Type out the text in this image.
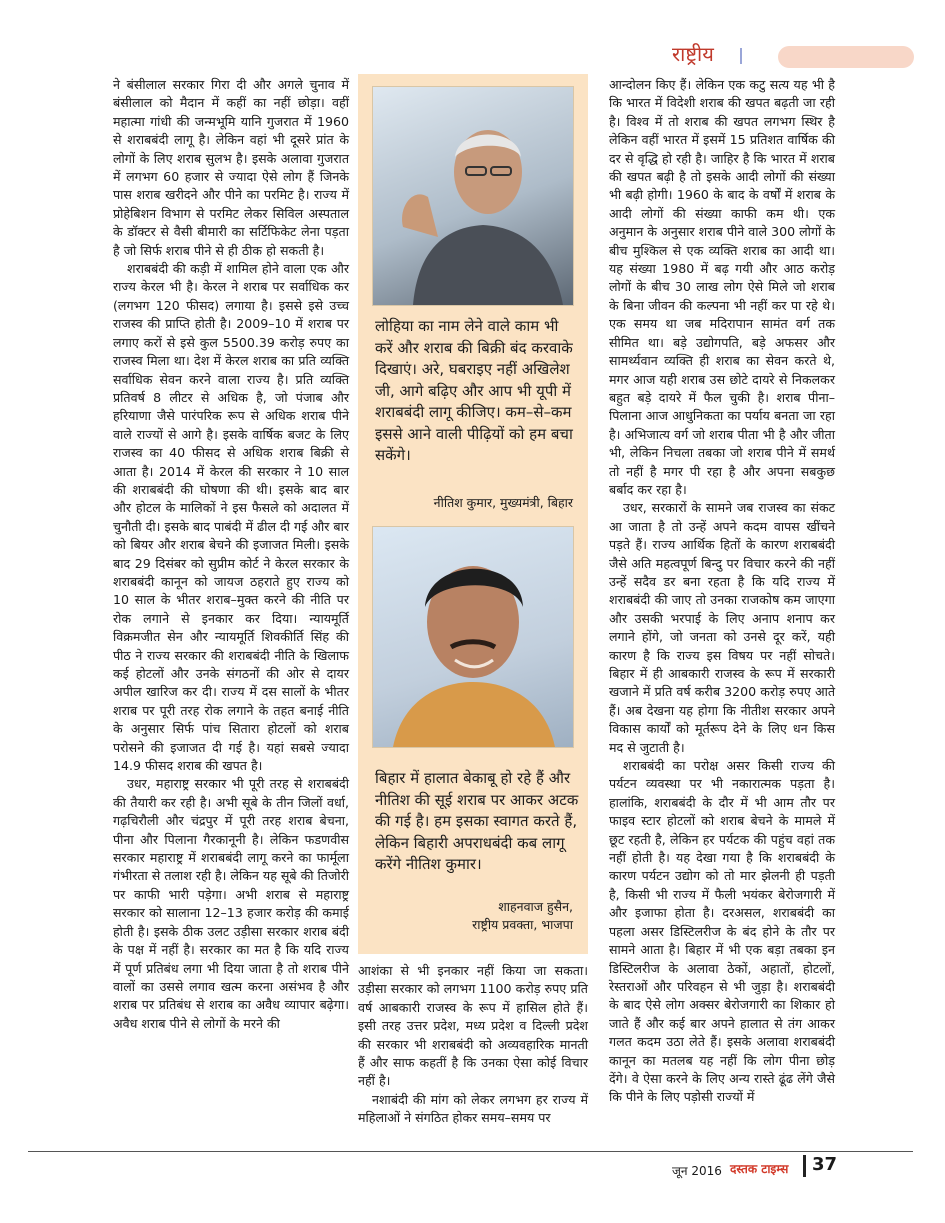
राष्ट्रीय

ने बंसीलाल सरकार गिरा दी और अगले चुनाव में बंसीलाल को मैदान में कहीं का नहीं छोड़ा। वहीं महात्मा गांधी की जन्मभूमि यानि गुजरात में 1960 से शराबबंदी लागू है। लेकिन वहां भी दूसरे प्रांत के लोगों के लिए शराब सुलभ है। इसके अलावा गुजरात में लगभग 60 हजार से ज्यादा ऐसे लोग हैं जिनके पास शराब खरीदने और पीने का परमिट है। राज्य में प्रोहेबिशन विभाग से परमिट लेकर सिविल अस्पताल के डॉक्टर से वैसी बीमारी का सर्टिफिकेट लेना पड़ता है जो सिर्फ शराब पीने से ही ठीक हो सकती है।

शराबबंदी की कड़ी में शामिल होने वाला एक और राज्य केरल भी है। केरल ने शराब पर सर्वाधिक कर (लगभग 120 फीसद) लगाया है। इससे इसे उच्च राजस्व की प्राप्ति होती है। 2009–10 में शराब पर लगाए करों से इसे कुल 5500.39 करोड़ रुपए का राजस्व मिला था। देश में केरल शराब का प्रति व्यक्ति सर्वाधिक सेवन करने वाला राज्य है। प्रति व्यक्ति प्रतिवर्ष 8 लीटर से अधिक है, जो पंजाब और हरियाणा जैसे पारंपरिक रूप से अधिक शराब पीने वाले राज्यों से आगे है। इसके वार्षिक बजट के लिए राजस्व का 40 फीसद से अधिक शराब बिक्री से आता है। 2014 में केरल की सरकार ने 10 साल की शराबबंदी की घोषणा की थी। इसके बाद बार और होटल के मालिकों ने इस फैसले को अदालत में चुनौती दी। इसके बाद पाबंदी में ढील दी गई और बार को बियर और शराब बेचने की इजाजत मिली। इसके बाद 29 दिसंबर को सुप्रीम कोर्ट ने केरल सरकार के शराबबंदी कानून को जायज ठहराते हुए राज्य को 10 साल के भीतर शराब–मुक्त करने की नीति पर रोक लगाने से इनकार कर दिया। न्यायमूर्ति विक्रमजीत सेन और न्यायमूर्ति शिवकीर्ति सिंह की पीठ ने राज्य सरकार की शराबबंदी नीति के खिलाफ कई होटलों और उनके संगठनों की ओर से दायर अपील खारिज कर दी। राज्य में दस सालों के भीतर शराब पर पूरी तरह रोक लगाने के तहत बनाई नीति के अनुसार सिर्फ पांच सितारा होटलों को शराब परोसने की इजाजत दी गई है। यहां सबसे ज्यादा 14.9 फीसद शराब की खपत है।

उधर, महाराष्ट्र सरकार भी पूरी तरह से शराबबंदी की तैयारी कर रही है। अभी सूबे के तीन जिलों वर्धा, गढ़चिरौली और चंद्रपुर में पूरी तरह शराब बेचना, पीना और पिलाना गैरकानूनी है। लेकिन फडणवीस सरकार महाराष्ट्र में शराबबंदी लागू करने का फार्मूला गंभीरता से तलाश रही है। लेकिन यह सूबे की तिजोरी पर काफी भारी पड़ेगा। अभी शराब से महाराष्ट्र सरकार को सालाना 12–13 हजार करोड़ की कमाई होती है। इसके ठीक उलट उड़ीसा सरकार शराब बंदी के पक्ष में नहीं है। सरकार का मत है कि यदि राज्य में पूर्ण प्रतिबंध लगा भी दिया जाता है तो शराब पीने वालों का उससे लगाव खत्म करना असंभव है और शराब पर प्रतिबंध से शराब का अवैध व्यापार बढ़ेगा। अवैध शराब पीने से लोगों के मरने की

लोहिया का नाम लेने वाले काम भी करें और शराब की बिक्री बंद करवाके दिखाएं। अरे, घबराइए नहीं अखिलेश जी, आगे बढ़िए और आप भी यूपी में शराबबंदी लागू कीजिए। कम–से–कम इससे आने वाली पीढ़ियों को हम बचा सकेंगे।
नीतिश कुमार, मुख्यमंत्री, बिहार
बिहार में हालात बेकाबू हो रहे हैं और नीतिश की सूई शराब पर आकर अटक की गई है। हम इसका स्वागत करते हैं, लेकिन बिहारी अपराधबंदी कब लागू करेंगे नीतिश कुमार।
शाहनवाज हुसैन,
राष्ट्रीय प्रवक्ता, भाजपा

आशंका से भी इनकार नहीं किया जा सकता। उड़ीसा सरकार को लगभग 1100 करोड़ रुपए प्रति वर्ष आबकारी राजस्व के रूप में हासिल होते हैं। इसी तरह उत्तर प्रदेश, मध्य प्रदेश व दिल्ली प्रदेश की सरकार भी शराबबंदी को अव्यवहारिक मानती हैं और साफ कहतीं है कि उनका ऐसा कोई विचार नहीं है।

नशाबंदी की मांग को लेकर लगभग हर राज्य में महिलाओं ने संगठित होकर समय–समय पर

आन्दोलन किए हैं। लेकिन एक कटु सत्य यह भी है कि भारत में विदेशी शराब की खपत बढ़ती जा रही है। विश्व में तो शराब की खपत लगभग स्थिर है लेकिन वहीं भारत में इसमें 15 प्रतिशत वार्षिक की दर से वृद्धि हो रही है। जाहिर है कि भारत में शराब की खपत बढ़ी है तो इसके आदी लोगों की संख्या भी बढ़ी होगी। 1960 के बाद के वर्षों में शराब के आदी लोगों की संख्या काफी कम थी। एक अनुमान के अनुसार शराब पीने वाले 300 लोगों के बीच मुश्किल से एक व्यक्ति शराब का आदी था। यह संख्या 1980 में बढ़ गयी और आठ करोड़ लोगों के बीच 30 लाख लोग ऐसे मिले जो शराब के बिना जीवन की कल्पना भी नहीं कर पा रहे थे। एक समय था जब मदिरापान सामंत वर्ग तक सीमित था। बड़े उद्योगपति, बड़े अफसर और सामर्थ्यवान व्यक्ति ही शराब का सेवन करते थे, मगर आज यही शराब उस छोटे दायरे से निकलकर बहुत बड़े दायरे में फैल चुकी है। शराब पीना–पिलाना आज आधुनिकता का पर्याय बनता जा रहा है। अभिजात्य वर्ग जो शराब पीता भी है और जीता भी, लेकिन निचला तबका जो शराब पीने में समर्थ तो नहीं है मगर पी रहा है और अपना सबकुछ बर्बाद कर रहा है।

उधर, सरकारों के सामने जब राजस्व का संकट आ जाता है तो उन्हें अपने कदम वापस खींचने पड़ते हैं। राज्य आर्थिक हितों के कारण शराबबंदी जैसे अति महत्वपूर्ण बिन्दु पर विचार करने की नहीं उन्हें सदैव डर बना रहता है कि यदि राज्य में शराबबंदी की जाए तो उनका राजकोष कम जाएगा और उसकी भरपाई के लिए अनाप शनाप कर लगाने होंगे, जो जनता को उनसे दूर करें, यही कारण है कि राज्य इस विषय पर नहीं सोचते। बिहार में ही आबकारी राजस्व के रूप में सरकारी खजाने में प्रति वर्ष करीब 3200 करोड़ रुपए आते हैं। अब देखना यह होगा कि नीतीश सरकार अपने विकास कार्यों को मूर्तरूप देने के लिए धन किस मद से जुटाती है।

शराबबंदी का परोक्ष असर किसी राज्य की पर्यटन व्यवस्था पर भी नकारात्मक पड़ता है। हालांकि, शराबबंदी के दौर में भी आम तौर पर फाइव स्टार होटलों को शराब बेचने के मामले में छूट रहती है, लेकिन हर पर्यटक की पहुंच वहां तक नहीं होती है। यह देखा गया है कि शराबबंदी के कारण पर्यटन उद्योग को तो मार झेलनी ही पड़ती है, किसी भी राज्य में फैली भयंकर बेरोजगारी में और इजाफा होता है। दरअसल, शराबबंदी का पहला असर डिस्टिलरीज के बंद होने के तौर पर सामने आता है। बिहार में भी एक बड़ा तबका इन डिस्टिलरीज के अलावा ठेकों, अहातों, होटलों, रेस्तराओं और परिवहन से भी जुड़ा है। शराबबंदी के बाद ऐसे लोग अक्सर बेरोजगारी का शिकार हो जाते हैं और कई बार अपने हालात से तंग आकर गलत कदम उठा लेते हैं। इसके अलावा शराबबंदी कानून का मतलब यह नहीं कि लोग पीना छोड़ देंगे। वे ऐसा करने के लिए अन्य रास्ते ढूंढ लेंगे जैसे कि पीने के लिए पड़ोसी राज्यों में

जून 2016 दस्तक टाइम्स 37
